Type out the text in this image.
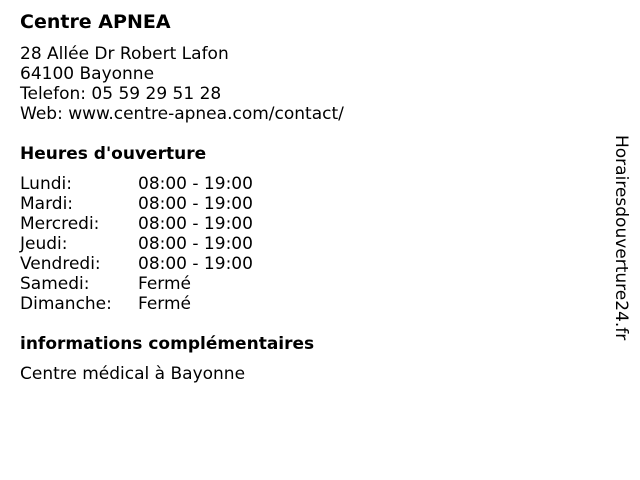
Centre APNEA
28 Allée Dr Robert Lafon
64100 Bayonne
Telefon: 05 59 29 51 28
Web: www.centre-apnea.com/contact/
Heures d'ouverture
Lundi:	08:00 - 19:00
Mardi:	08:00 - 19:00
Mercredi: 08:00 - 19:00
Jeudi:	08:00 - 19:00
Vendredi: 08:00 - 19:00
Samedi:	Fermé
Dimanche: Fermé
informations complémentaires
Centre médical à Bayonne
Horairesdouverture24.fr
